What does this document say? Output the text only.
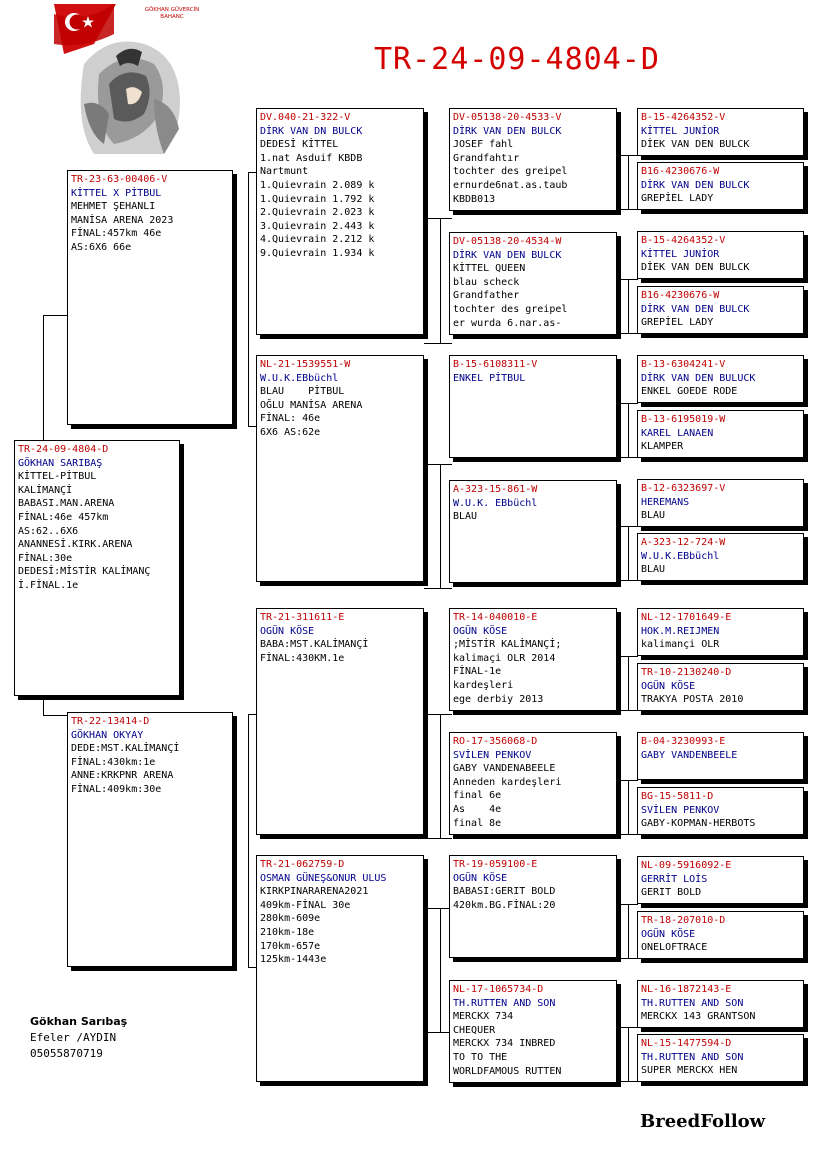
GÖKHAN GÜVERCİN
BAHANC
TR-24-09-4804-D
TR-24-09-4804-D
GÖKHAN SARIBAŞ
KİTTEL-PİTBUL
KALİMANÇİ
BABASI.MAN.ARENA
FİNAL:46e 457km
AS:62..6X6
ANANNESİ.KIRK.ARENA
FİNAL:30e
DEDESİ:MİSTİR KALİMANÇ
İ.FİNAL.1e
TR-23-63-00406-V
KİTTEL X PİTBUL
MEHMET ŞEHANLI
MANİSA ARENA 2023
FİNAL:457km 46e
AS:6X6 66e
TR-22-13414-D
GÖKHAN OKYAY
DEDE:MST.KALİMANÇİ
FİNAL:430km:1e
ANNE:KRKPNR ARENA
FİNAL:409km:30e
DV.040-21-322-V
DİRK VAN DN BULCK
DEDESİ KİTTEL
1.nat Asduif KBDB
Nartmunt
1.Quievrain 2.089 k
1.Quievrain 1.792 k
2.Quievrain 2.023 k
3.Quievrain 2.443 k
4.Quievrain 2.212 k
9.Quievrain 1.934 k
NL-21-1539551-W
W.U.K.EBbüchl
BLAU    PİTBUL
OĞLU MANİSA ARENA
FİNAL: 46e
6X6 AS:62e
TR-21-311611-E
OGÜN KÖSE
BABA:MST.KALİMANÇİ
FİNAL:430KM.1e
TR-21-062759-D
OSMAN GÜNEŞ&ONUR ULUS
KIRKPINARARENA2021
409km-FİNAL 30e
280km-609e
210km-18e
170km-657e
125km-1443e
DV-05138-20-4533-V
DİRK VAN DEN BULCK
JOSEF fahl
Grandfahtır
tochter des greipel
ernurde6nat.as.taub
KBDB013
DV-05138-20-4534-W
DİRK VAN DEN BULCK
KİTTEL QUEEN
blau scheck
Grandfather
tochter des greipel
er wurda 6.nar.as-
B-15-6108311-V
ENKEL PİTBUL
A-323-15-861-W
W.U.K. EBbüchl
BLAU
TR-14-040010-E
OGÜN KÖSE
;MİSTİR KALİMANÇİ;
kalimaçi OLR 2014
FİNAL-1e
kardeşleri
ege derbiy 2013
RO-17-356068-D
SVİLEN PENKOV
GABY VANDENABEELE
Anneden kardeşleri
final 6e
As    4e
final 8e
TR-19-059100-E
OGÜN KÖSE
BABASI:GERIT BOLD
420km.BG.FİNAL:20
NL-17-1065734-D
TH.RUTTEN AND SON
MERCKX 734
CHEQUER
MERCKX 734 INBRED
TO TO THE
WORLDFAMOUS RUTTEN
B-15-4264352-V
KİTTEL JUNİOR
DİEK VAN DEN BULCK
B16-4230676-W
DİRK VAN DEN BULCK
GREPİEL LADY
B-15-4264352-V
KİTTEL JUNİOR
DİEK VAN DEN BULCK
B16-4230676-W
DİRK VAN DEN BULCK
GREPİEL LADY
B-13-6304241-V
DİRK VAN DEN BULUCK
ENKEL GOEDE RODE
B-13-6195019-W
KAREL LANAEN
KLAMPER
B-12-6323697-V
HEREMANS
BLAU
A-323-12-724-W
W.U.K.EBbüchl
BLAU
NL-12-1701649-E
HOK.M.REIJMEN
kalimançi OLR
TR-10-2130240-D
OGÜN KÖSE
TRAKYA POSTA 2010
B-04-3230993-E
GABY VANDENBEELE
BG-15-5811-D
SVİLEN PENKOV
GABY-KOPMAN-HERBOTS
NL-09-5916092-E
GERRİT LOİS
GERIT BOLD
TR-18-207010-D
OGÜN KÖSE
ONELOFTRACE
NL-16-1872143-E
TH.RUTTEN AND SON
MERCKX 143 GRANTSON
NL-15-1477594-D
TH.RUTTEN AND SON
SUPER MERCKX HEN
Gökhan Sarıbaş
Efeler /AYDIN
05055870719
BreedFollow
